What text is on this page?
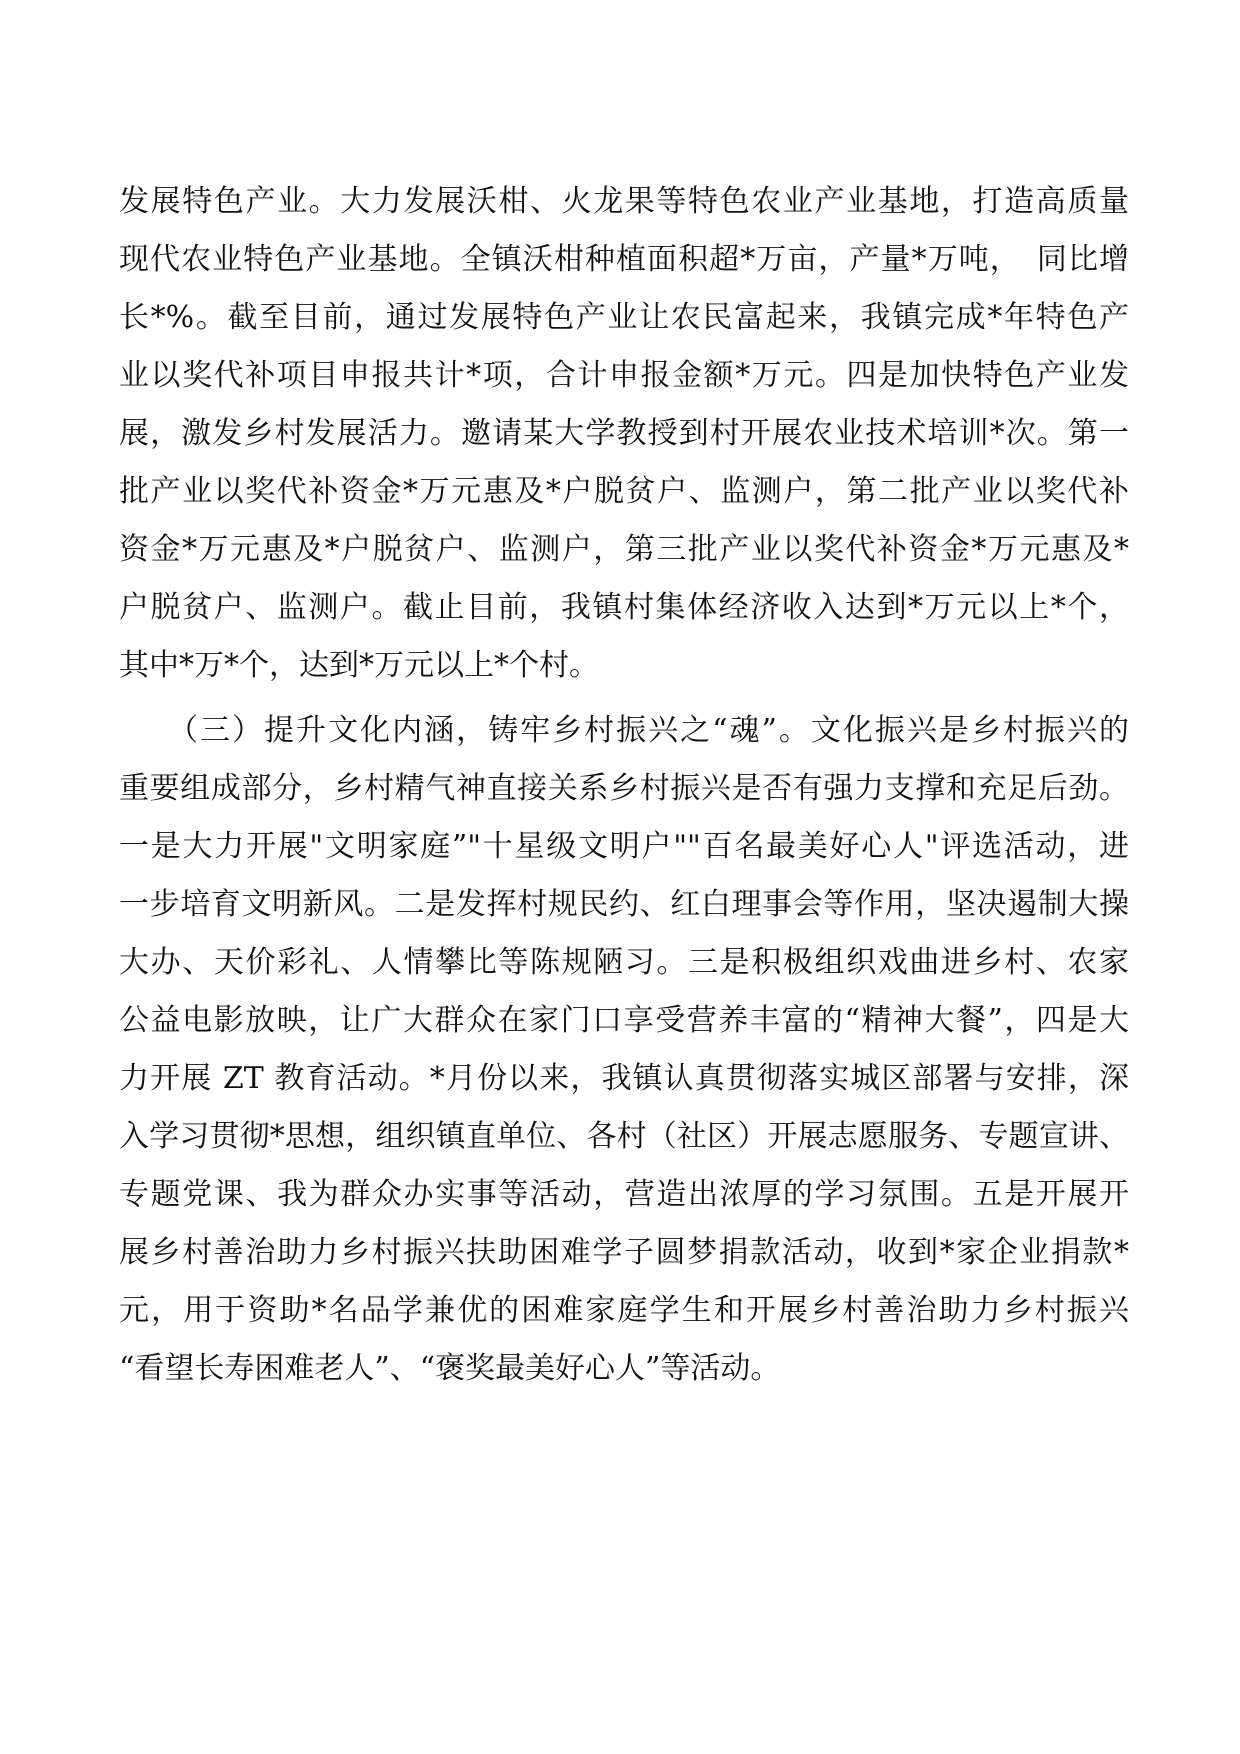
发展特色产业。大力发展沃柑、火龙果等特色农业产业基地，打造高质量
现代农业特色产业基地。全镇沃柑种植面积超*万亩，产量*万吨，　同比增
长*%。截至目前，通过发展特色产业让农民富起来，我镇完成*年特色产
业以奖代补项目申报共计*项，合计申报金额*万元。四是加快特色产业发
展，激发乡村发展活力。邀请某大学教授到村开展农业技术培训*次。第一
批产业以奖代补资金*万元惠及*户脱贫户、监测户，第二批产业以奖代补
资金*万元惠及*户脱贫户、监测户，第三批产业以奖代补资金*万元惠及*
户脱贫户、监测户。截止目前，我镇村集体经济收入达到*万元以上*个，
其中*万*个，达到*万元以上*个村。
　　（三）提升文化内涵，铸牢乡村振兴之“魂”。文化振兴是乡村振兴的
重要组成部分，乡村精气神直接关系乡村振兴是否有强力支撑和充足后劲。
一是大力开展"文明家庭”"十星级文明户""百名最美好心人"评选活动，进
一步培育文明新风。二是发挥村规民约、红白理事会等作用，坚决遏制大操
大办、天价彩礼、人情攀比等陈规陋习。三是积极组织戏曲进乡村、农家
公益电影放映，让广大群众在家门口享受营养丰富的“精神大餐”，四是大
力开展 ZT 教育活动。*月份以来，我镇认真贯彻落实城区部署与安排，深
入学习贯彻*思想，组织镇直单位、各村（社区）开展志愿服务、专题宣讲、
专题党课、我为群众办实事等活动，营造出浓厚的学习氛围。五是开展开
展乡村善治助力乡村振兴扶助困难学子圆梦捐款活动，收到*家企业捐款*
元，用于资助*名品学兼优的困难家庭学生和开展乡村善治助力乡村振兴
“看望长寿困难老人”、“褒奖最美好心人”等活动。
